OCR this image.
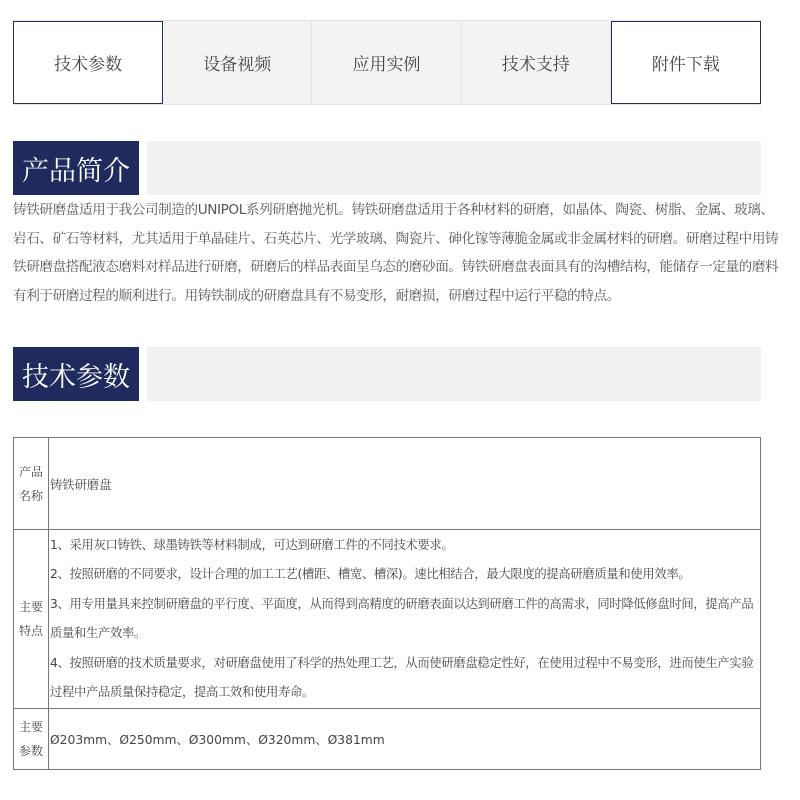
技术参数	设备视频	应用实例	技术支持	附件下载
产品简介

铸铁研磨盘适用于我公司制造的UNIPOL系列研磨抛光机。铸铁研磨盘适用于各种材料的研磨，如晶体、陶瓷、树脂、金属、玻璃、

岩石、矿石等材料，尤其适用于单晶硅片、石英芯片、光学玻璃、陶瓷片、砷化镓等薄脆金属或非金属材料的研磨。研磨过程中用铸

铁研磨盘搭配液态磨料对样品进行研磨，研磨后的样品表面呈乌态的磨砂面。铸铁研磨盘表面具有的沟槽结构，能储存一定量的磨料

有利于研磨过程的顺利进行。用铸铁制成的研磨盘具有不易变形，耐磨损，研磨过程中运行平稳的特点。

技术参数
产品名称	铸铁研磨盘
主要特点	1、采用灰口铸铁、球墨铸铁等材料制成，可达到研磨工件的不同技术要求。

2、按照研磨的不同要求，设计合理的加工工艺(槽距、槽宽、槽深)。速比相结合，最大限度的提高研磨质量和使用效率。

3、用专用量具来控制研磨盘的平行度、平面度，从而得到高精度的研磨表面以达到研磨工件的高需求，同时降低修盘时间，提高产品质量和生产效率。

4、按照研磨的技术质量要求，对研磨盘使用了科学的热处理工艺，从而使研磨盘稳定性好，在使用过程中不易变形，进而使生产实验过程中产品质量保持稳定，提高工效和使用寿命。

主要参数	Ø203mm、Ø250mm、Ø300mm、Ø320mm、Ø381mm
